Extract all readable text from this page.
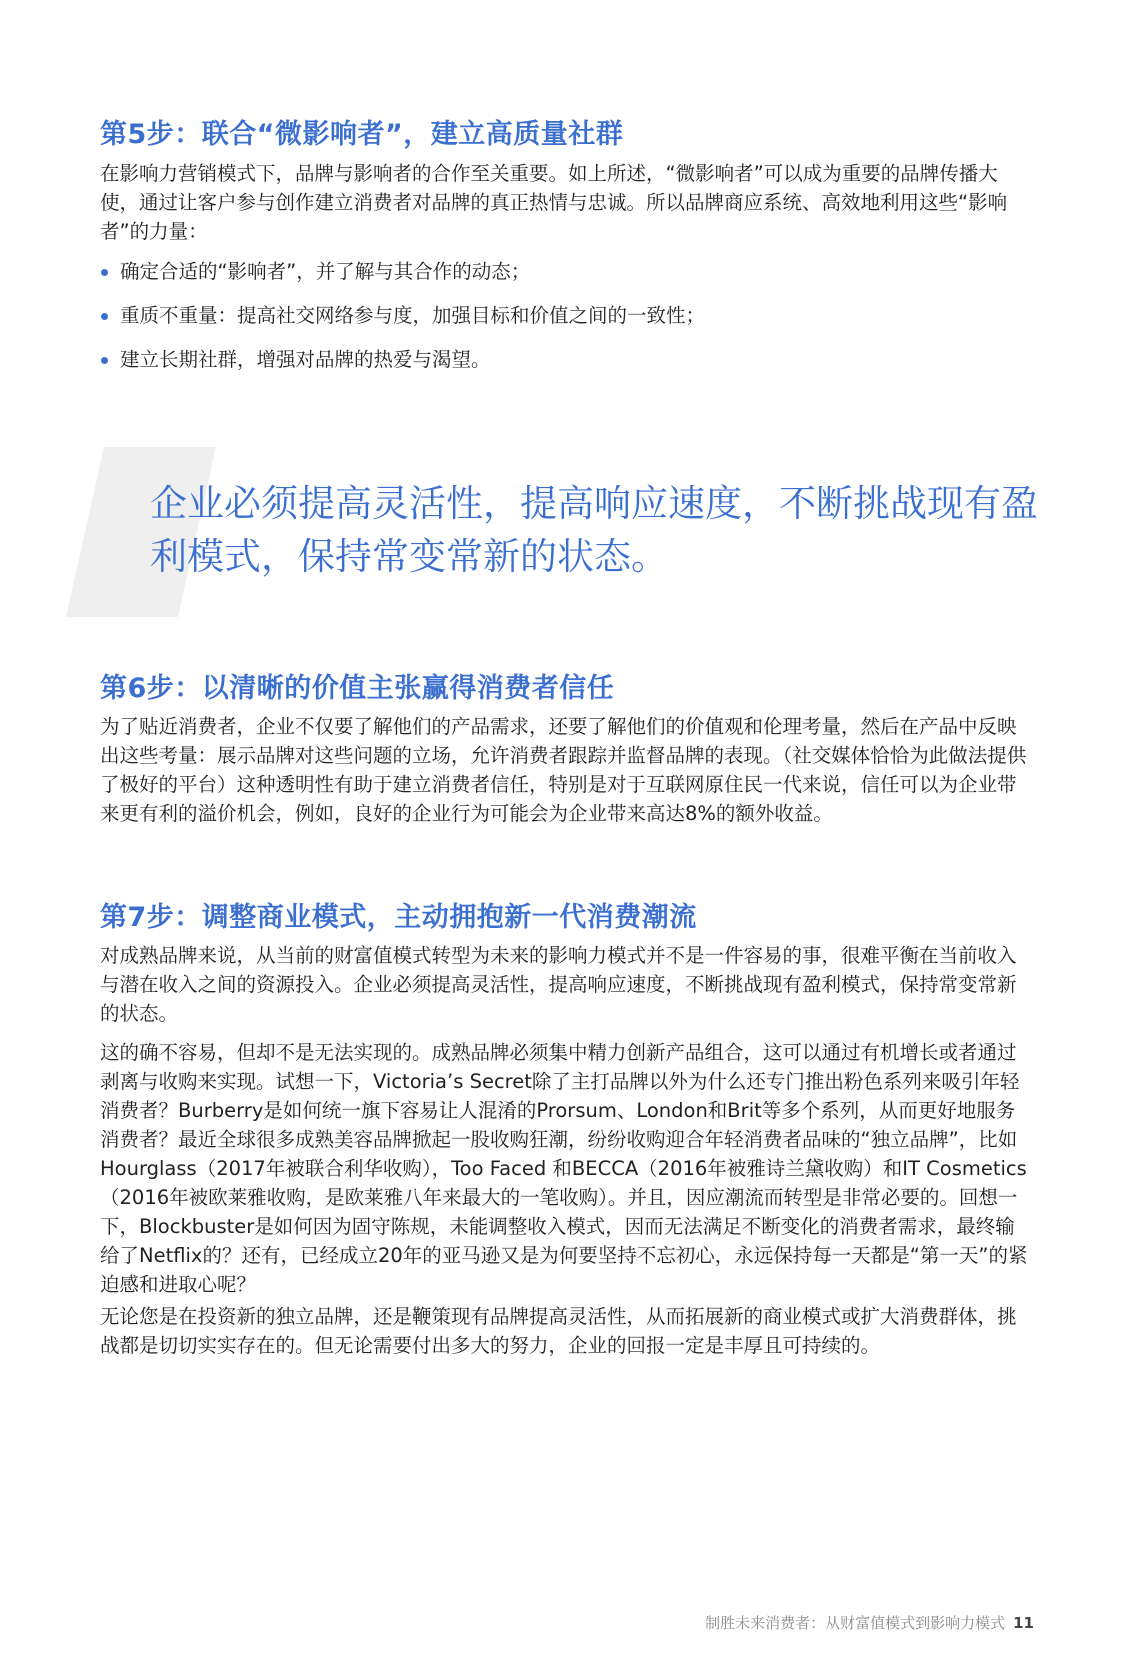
第5步：联合“微影响者”，建立高质量社群

在影响力营销模式下，品牌与影响者的合作至关重要。如上所述，“微影响者”可以成为重要的品牌传播大使，通过让客户参与创作建立消费者对品牌的真正热情与忠诚。所以品牌商应系统、高效地利用这些“影响者”的力量：

确定合适的“影响者”，并了解与其合作的动态；
重质不重量：提高社交网络参与度，加强目标和价值之间的一致性；
建立长期社群，增强对品牌的热爱与渴望。

企业必须提高灵活性，提高响应速度，不断挑战现有盈利模式，保持常变常新的状态。

第6步：以清晰的价值主张赢得消费者信任

为了贴近消费者，企业不仅要了解他们的产品需求，还要了解他们的价值观和伦理考量，然后在产品中反映出这些考量：展示品牌对这些问题的立场，允许消费者跟踪并监督品牌的表现。（社交媒体恰恰为此做法提供了极好的平台）这种透明性有助于建立消费者信任，特别是对于互联网原住民一代来说，信任可以为企业带来更有利的溢价机会，例如，良好的企业行为可能会为企业带来高达8%的额外收益。

第7步：调整商业模式，主动拥抱新一代消费潮流

对成熟品牌来说，从当前的财富值模式转型为未来的影响力模式并不是一件容易的事，很难平衡在当前收入与潜在收入之间的资源投入。企业必须提高灵活性，提高响应速度，不断挑战现有盈利模式，保持常变常新的状态。

这的确不容易，但却不是无法实现的。成熟品牌必须集中精力创新产品组合，这可以通过有机增长或者通过剥离与收购来实现。试想一下，Victoria’s Secret除了主打品牌以外为什么还专门推出粉色系列来吸引年轻消费者？Burberry是如何统一旗下容易让人混淆的Prorsum、London和Brit等多个系列，从而更好地服务消费者？最近全球很多成熟美容品牌掀起一股收购狂潮，纷纷收购迎合年轻消费者品味的“独立品牌”，比如Hourglass（2017年被联合利华收购），Too Faced 和BECCA（2016年被雅诗兰黛收购）和IT Cosmetics （2016年被欧莱雅收购，是欧莱雅八年来最大的一笔收购）。并且，因应潮流而转型是非常必要的。回想一下，Blockbuster是如何因为固守陈规，未能调整收入模式，因而无法满足不断变化的消费者需求，最终输给了Netflix的？还有，已经成立20年的亚马逊又是为何要坚持不忘初心，永远保持每一天都是“第一天”的紧迫感和进取心呢？

无论您是在投资新的独立品牌，还是鞭策现有品牌提高灵活性，从而拓展新的商业模式或扩大消费群体，挑战都是切切实实存在的。但无论需要付出多大的努力，企业的回报一定是丰厚且可持续的。

制胜未来消费者：从财富值模式到影响力模式 11
